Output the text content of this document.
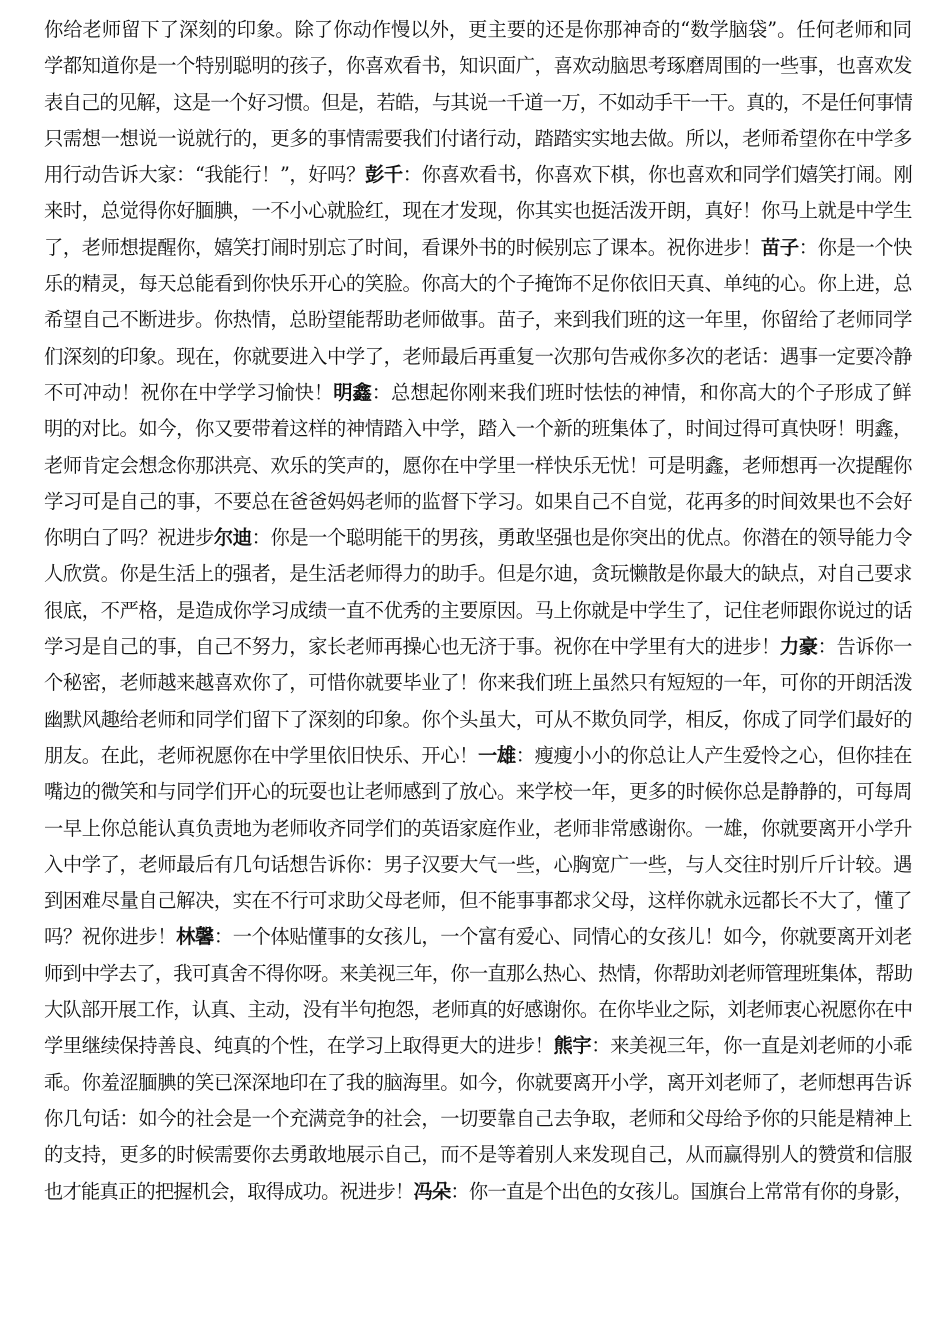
你给老师留下了深刻的印象。除了你动作慢以外，更主要的还是你那神奇的“数学脑袋”。任何老师和同
学都知道你是一个特别聪明的孩子，你喜欢看书，知识面广，喜欢动脑思考琢磨周围的一些事，也喜欢发
表自己的见解，这是一个好习惯。但是，若皓，与其说一千道一万，不如动手干一干。真的，不是任何事情
只需想一想说一说就行的，更多的事情需要我们付诸行动，踏踏实实地去做。所以，老师希望你在中学多
用行动告诉大家：“我能行！”，好吗？彭千：你喜欢看书，你喜欢下棋，你也喜欢和同学们嬉笑打闹。刚
来时，总觉得你好腼腆，一不小心就脸红，现在才发现，你其实也挺活泼开朗，真好！你马上就是中学生
了，老师想提醒你，嬉笑打闹时别忘了时间，看课外书的时候别忘了课本。祝你进步！苗子：你是一个快
乐的精灵，每天总能看到你快乐开心的笑脸。你高大的个子掩饰不足你依旧天真、单纯的心。你上进，总
希望自己不断进步。你热情，总盼望能帮助老师做事。苗子，来到我们班的这一年里，你留给了老师同学
们深刻的印象。现在，你就要进入中学了，老师最后再重复一次那句告戒你多次的老话：遇事一定要冷静
不可冲动！祝你在中学学习愉快！明鑫：总想起你刚来我们班时怯怯的神情，和你高大的个子形成了鲜
明的对比。如今，你又要带着这样的神情踏入中学，踏入一个新的班集体了，时间过得可真快呀！明鑫，
老师肯定会想念你那洪亮、欢乐的笑声的，愿你在中学里一样快乐无忧！可是明鑫，老师想再一次提醒你
学习可是自己的事，不要总在爸爸妈妈老师的监督下学习。如果自己不自觉，花再多的时间效果也不会好
你明白了吗？祝进步尔迪：你是一个聪明能干的男孩，勇敢坚强也是你突出的优点。你潜在的领导能力令
人欣赏。你是生活上的强者，是生活老师得力的助手。但是尔迪，贪玩懒散是你最大的缺点，对自己要求
很底，不严格，是造成你学习成绩一直不优秀的主要原因。马上你就是中学生了，记住老师跟你说过的话
学习是自己的事，自己不努力，家长老师再操心也无济于事。祝你在中学里有大的进步！力豪：告诉你一
个秘密，老师越来越喜欢你了，可惜你就要毕业了！你来我们班上虽然只有短短的一年，可你的开朗活泼
幽默风趣给老师和同学们留下了深刻的印象。你个头虽大，可从不欺负同学，相反，你成了同学们最好的
朋友。在此，老师祝愿你在中学里依旧快乐、开心！一雄：瘦瘦小小的你总让人产生爱怜之心，但你挂在
嘴边的微笑和与同学们开心的玩耍也让老师感到了放心。来学校一年，更多的时候你总是静静的，可每周
一早上你总能认真负责地为老师收齐同学们的英语家庭作业，老师非常感谢你。一雄，你就要离开小学升
入中学了，老师最后有几句话想告诉你：男子汉要大气一些，心胸宽广一些，与人交往时别斤斤计较。遇
到困难尽量自己解决，实在不行可求助父母老师，但不能事事都求父母，这样你就永远都长不大了，懂了
吗？祝你进步！林馨：一个体贴懂事的女孩儿，一个富有爱心、同情心的女孩儿！如今，你就要离开刘老
师到中学去了，我可真舍不得你呀。来美视三年，你一直那么热心、热情，你帮助刘老师管理班集体，帮助
大队部开展工作，认真、主动，没有半句抱怨，老师真的好感谢你。在你毕业之际，刘老师衷心祝愿你在中
学里继续保持善良、纯真的个性，在学习上取得更大的进步！熊宇：来美视三年，你一直是刘老师的小乖
乖。你羞涩腼腆的笑已深深地印在了我的脑海里。如今，你就要离开小学，离开刘老师了，老师想再告诉
你几句话：如今的社会是一个充满竞争的社会，一切要靠自己去争取，老师和父母给予你的只能是精神上
的支持，更多的时候需要你去勇敢地展示自己，而不是等着别人来发现自己，从而赢得别人的赞赏和信服
也才能真正的把握机会，取得成功。祝进步！冯朵：你一直是个出色的女孩儿。国旗台上常常有你的身影，
